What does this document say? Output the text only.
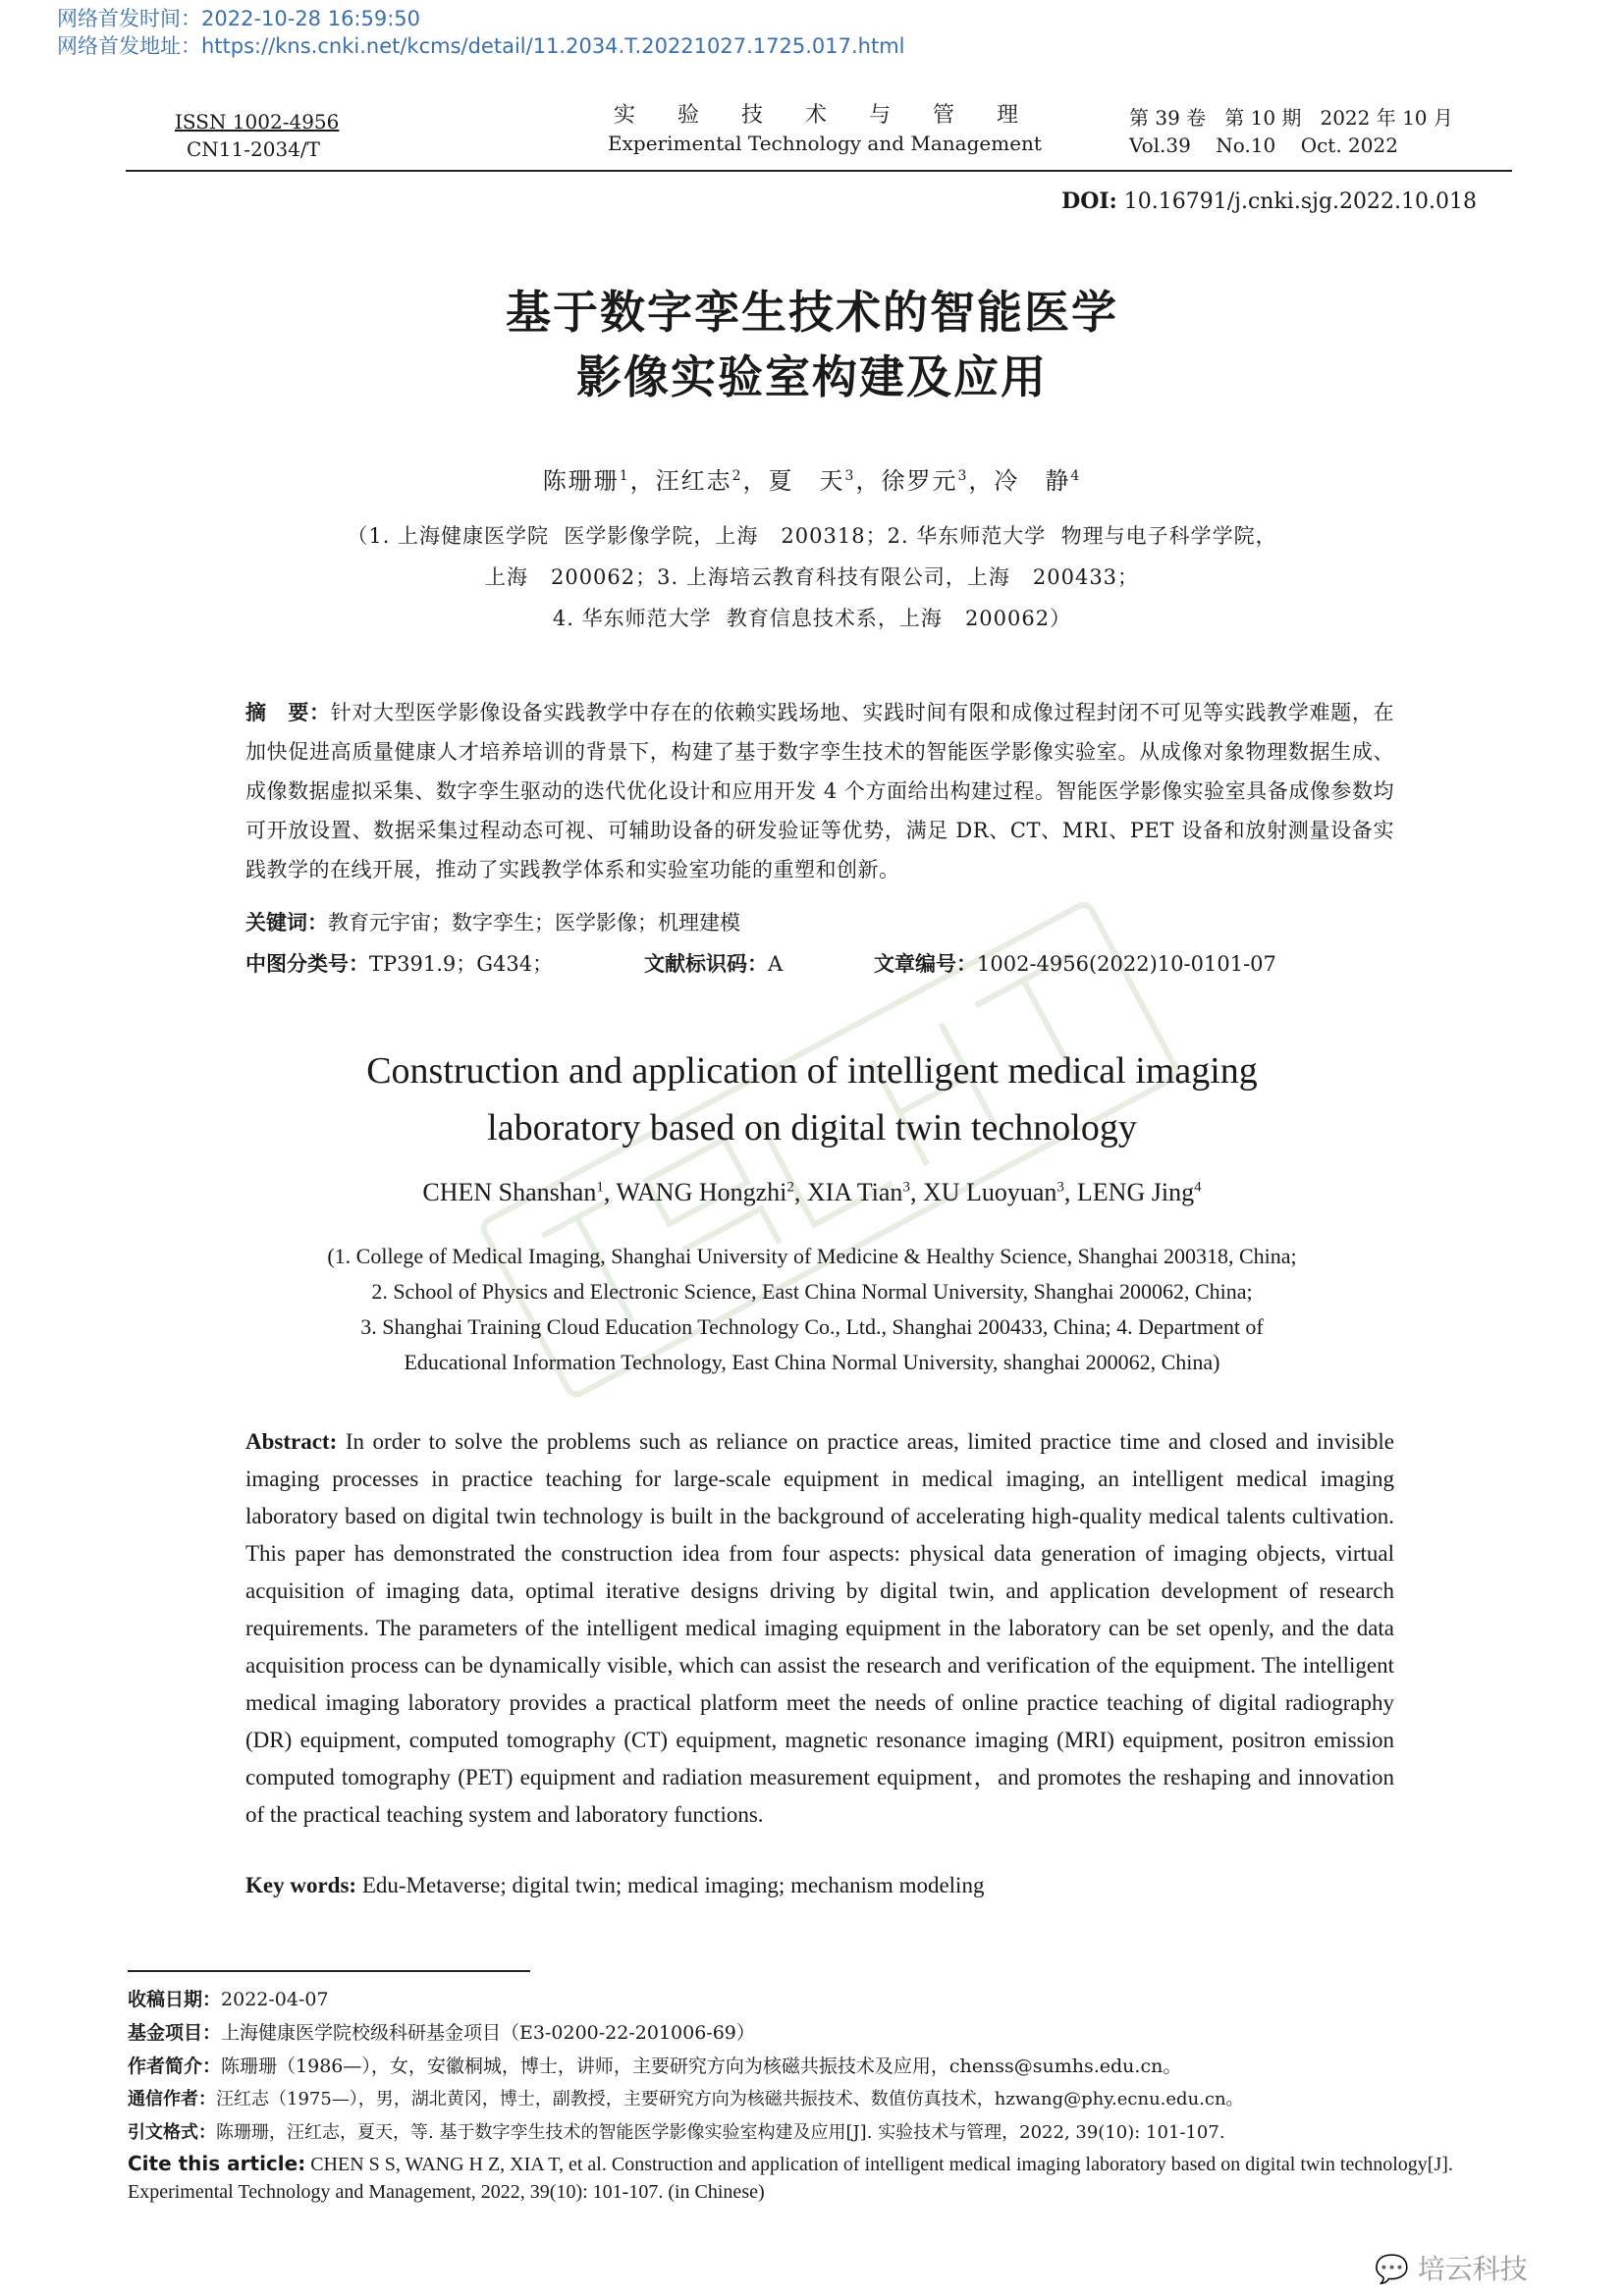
网络首发时间：2022-10-28 16:59:50
网络首发地址：https://kns.cnki.net/kcms/detail/11.2034.T.20221027.1725.017.html
ISSN 1002-4956
CN11-2034/T
实 验 技 术 与 管 理
Experimental Technology and Management
第 39 卷   第 10 期   2022 年 10 月
Vol.39    No.10    Oct. 2022
DOI: 10.16791/j.cnki.sjg.2022.10.018
基于数字孪生技术的智能医学
影像实验室构建及应用
陈珊珊$^1$，汪红志$^2$，夏　天$^3$，徐罗元$^3$，冷　静$^4$
（1. 上海健康医学院  医学影像学院，上海   200318；2. 华东师范大学  物理与电子科学学院，
上海   200062；3. 上海培云教育科技有限公司，上海   200433；
4. 华东师范大学  教育信息技术系，上海   200062）
摘　要：针对大型医学影像设备实践教学中存在的依赖实践场地、实践时间有限和成像过程封闭不可见等实践教学难题，在加快促进高质量健康人才培养培训的背景下，构建了基于数字孪生技术的智能医学影像实验室。从成像对象物理数据生成、成像数据虚拟采集、数字孪生驱动的迭代优化设计和应用开发 4 个方面给出构建过程。智能医学影像实验室具备成像参数均可开放设置、数据采集过程动态可视、可辅助设备的研发验证等优势，满足 DR、CT、MRI、PET 设备和放射测量设备实践教学的在线开展，推动了实践教学体系和实验室功能的重塑和创新。
关键词：教育元宇宙；数字孪生；医学影像；机理建模
中图分类号：TP391.9；G434；	文献标识码：A	文章编号：1002-4956(2022)10-0101-07
Construction and application of intelligent medical imaging
laboratory based on digital twin technology
CHEN Shanshan$^1$, WANG Hongzhi$^2$, XIA Tian$^3$, XU Luoyuan$^3$, LENG Jing$^4$
(1. College of Medical Imaging, Shanghai University of Medicine & Healthy Science, Shanghai 200318, China;
2. School of Physics and Electronic Science, East China Normal University, Shanghai 200062, China;
3. Shanghai Training Cloud Education Technology Co., Ltd., Shanghai 200433, China; 4. Department of
Educational Information Technology, East China Normal University, shanghai 200062, China)
Abstract: In order to solve the problems such as reliance on practice areas, limited practice time and closed and invisible imaging processes in practice teaching for large-scale equipment in medical imaging, an intelligent medical imaging laboratory based on digital twin technology is built in the background of accelerating high-quality medical talents cultivation. This paper has demonstrated the construction idea from four aspects: physical data generation of imaging objects, virtual acquisition of imaging data, optimal iterative designs driving by digital twin, and application development of research requirements. The parameters of the intelligent medical imaging equipment in the laboratory can be set openly, and the data acquisition process can be dynamically visible, which can assist the research and verification of the equipment. The intelligent medical imaging laboratory provides a practical platform meet the needs of online practice teaching of digital radiography (DR) equipment, computed tomography (CT) equipment, magnetic resonance imaging (MRI) equipment, positron emission computed tomography (PET) equipment and radiation measurement equipment，and promotes the reshaping and innovation of the practical teaching system and laboratory functions.
Key words: Edu-Metaverse; digital twin; medical imaging; mechanism modeling
收稿日期：2022-04-07
基金项目：上海健康医学院校级科研基金项目（E3-0200-22-201006-69）
作者简介：陈珊珊（1986—），女，安徽桐城，博士，讲师，主要研究方向为核磁共振技术及应用，chenss@sumhs.edu.cn。
通信作者：汪红志（1975—），男，湖北黄冈，博士，副教授，主要研究方向为核磁共振技术、数值仿真技术，hzwang@phy.ecnu.edu.cn。
引文格式：陈珊珊，汪红志，夏天，等. 基于数字孪生技术的智能医学影像实验室构建及应用[J]. 实验技术与管理，2022, 39(10): 101-107.
Cite this article: CHEN S S, WANG H Z, XIA T, et al. Construction and application of intelligent medical imaging laboratory based on digital twin technology[J]. Experimental Technology and Management, 2022, 39(10): 101-107. (in Chinese)
💬 培云科技
